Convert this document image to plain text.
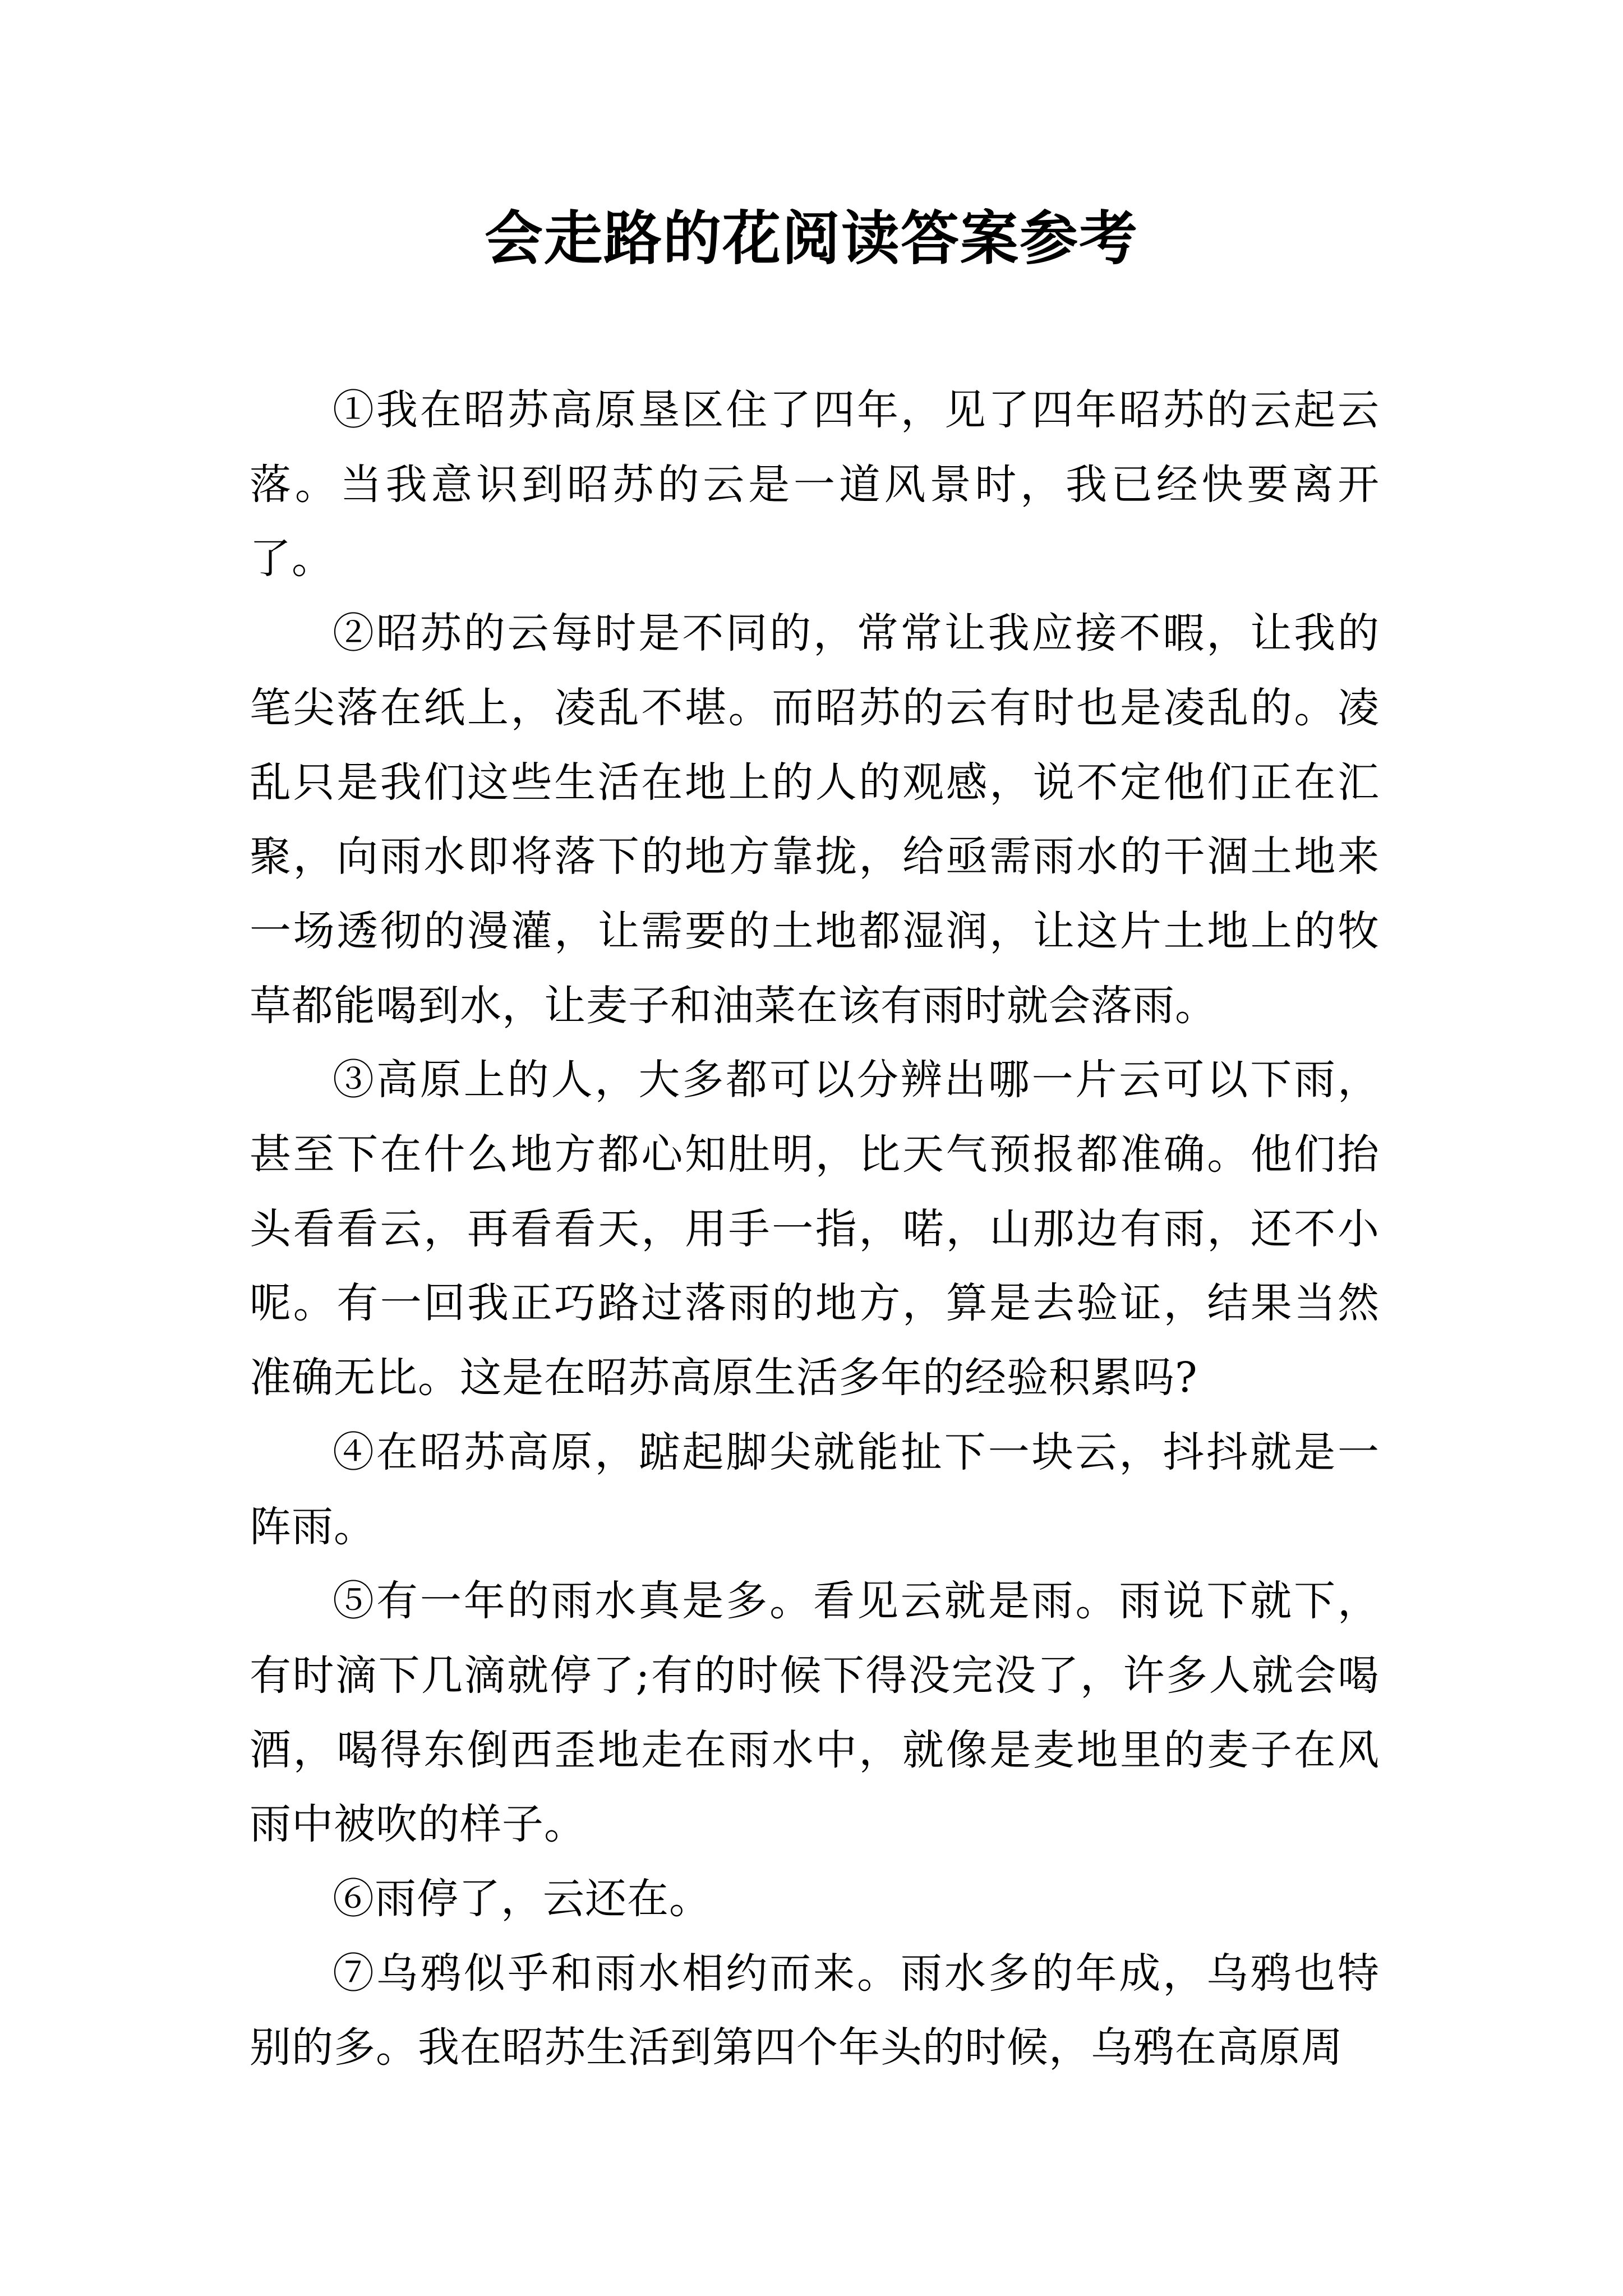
会走路的花阅读答案参考

①我在昭苏高原垦区住了四年，见了四年昭苏的云起云落。当我意识到昭苏的云是一道风景时，我已经快要离开了。

②昭苏的云每时是不同的，常常让我应接不暇，让我的笔尖落在纸上，凌乱不堪。而昭苏的云有时也是凌乱的。凌乱只是我们这些生活在地上的人的观感，说不定他们正在汇聚，向雨水即将落下的地方靠拢，给亟需雨水的干涸土地来一场透彻的漫灌，让需要的土地都湿润，让这片土地上的牧草都能喝到水，让麦子和油菜在该有雨时就会落雨。

③高原上的人，大多都可以分辨出哪一片云可以下雨，甚至下在什么地方都心知肚明，比天气预报都准确。他们抬头看看云，再看看天，用手一指，喏，山那边有雨，还不小呢。有一回我正巧路过落雨的地方，算是去验证，结果当然准确无比。这是在昭苏高原生活多年的经验积累吗?

④在昭苏高原，踮起脚尖就能扯下一块云，抖抖就是一阵雨。

⑤有一年的雨水真是多。看见云就是雨。雨说下就下，有时滴下几滴就停了;有的时候下得没完没了，许多人就会喝酒，喝得东倒西歪地走在雨水中，就像是麦地里的麦子在风雨中被吹的样子。

⑥雨停了，云还在。

⑦乌鸦似乎和雨水相约而来。雨水多的年成，乌鸦也特别的多。我在昭苏生活到第四个年头的时候，乌鸦在高原周
